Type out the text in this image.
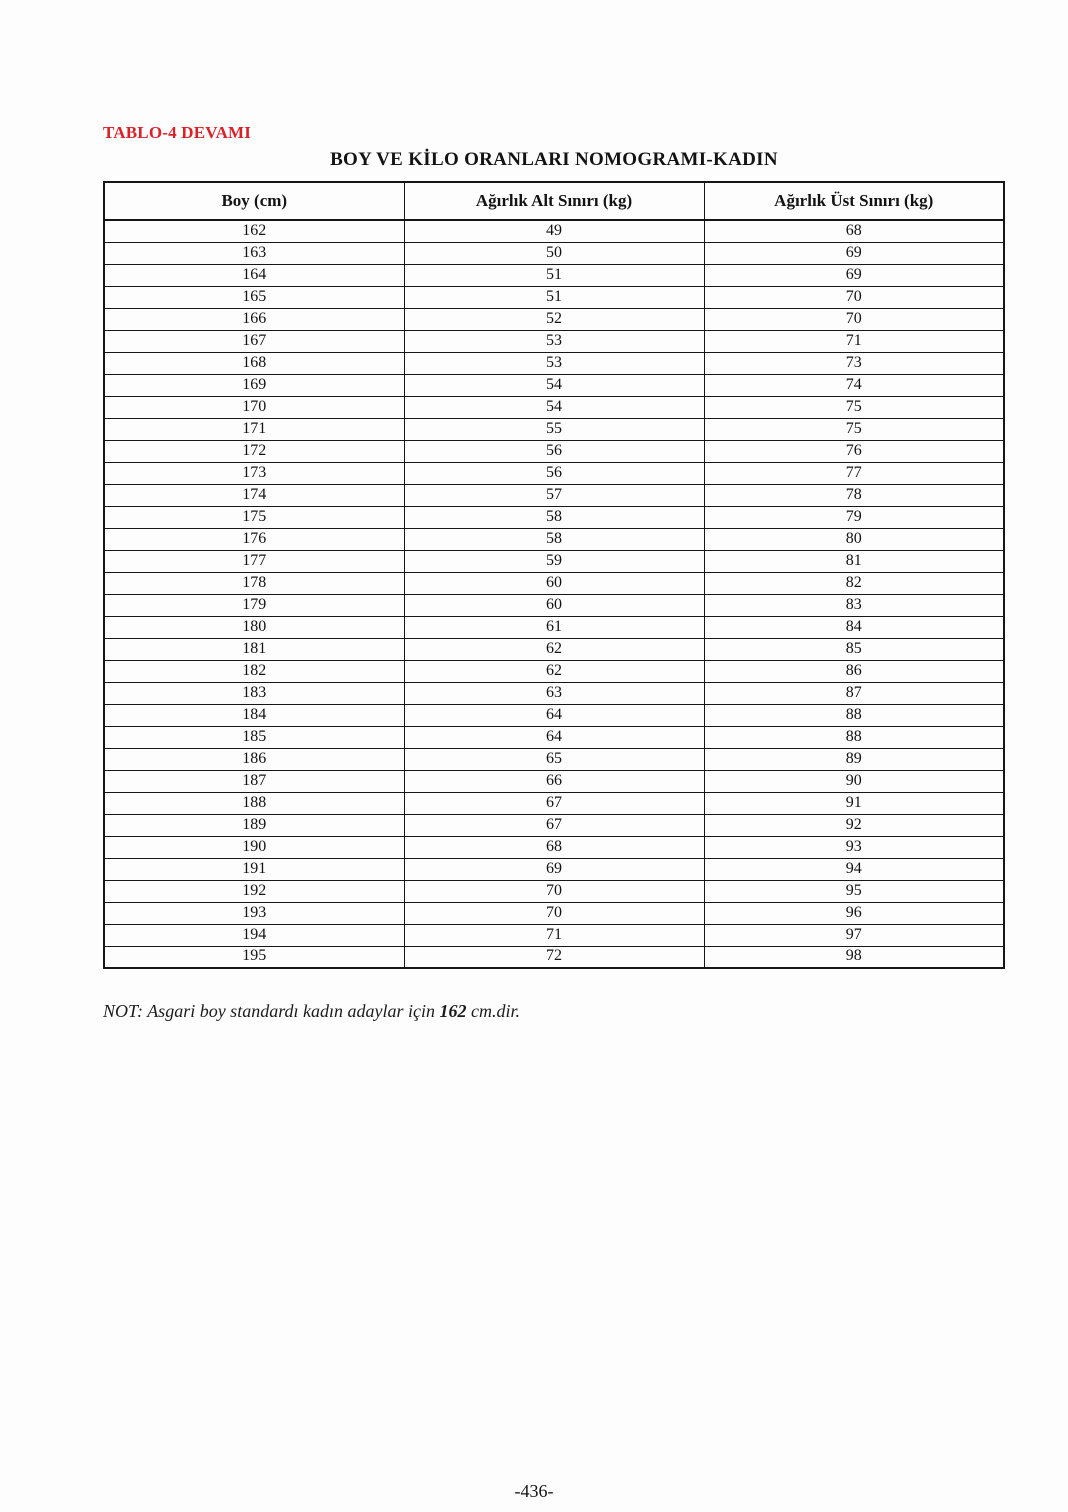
TABLO-4 DEVAMI
BOY VE KİLO ORANLARI NOMOGRAMI-KADIN
Boy (cm)	Ağırlık Alt Sınırı (kg)	Ağırlık Üst Sınırı (kg)
162	49	68
163	50	69
164	51	69
165	51	70
166	52	70
167	53	71
168	53	73
169	54	74
170	54	75
171	55	75
172	56	76
173	56	77
174	57	78
175	58	79
176	58	80
177	59	81
178	60	82
179	60	83
180	61	84
181	62	85
182	62	86
183	63	87
184	64	88
185	64	88
186	65	89
187	66	90
188	67	91
189	67	92
190	68	93
191	69	94
192	70	95
193	70	96
194	71	97
195	72	98
NOT: Asgari boy standardı kadın adaylar için 162 cm.dir.
-436-
